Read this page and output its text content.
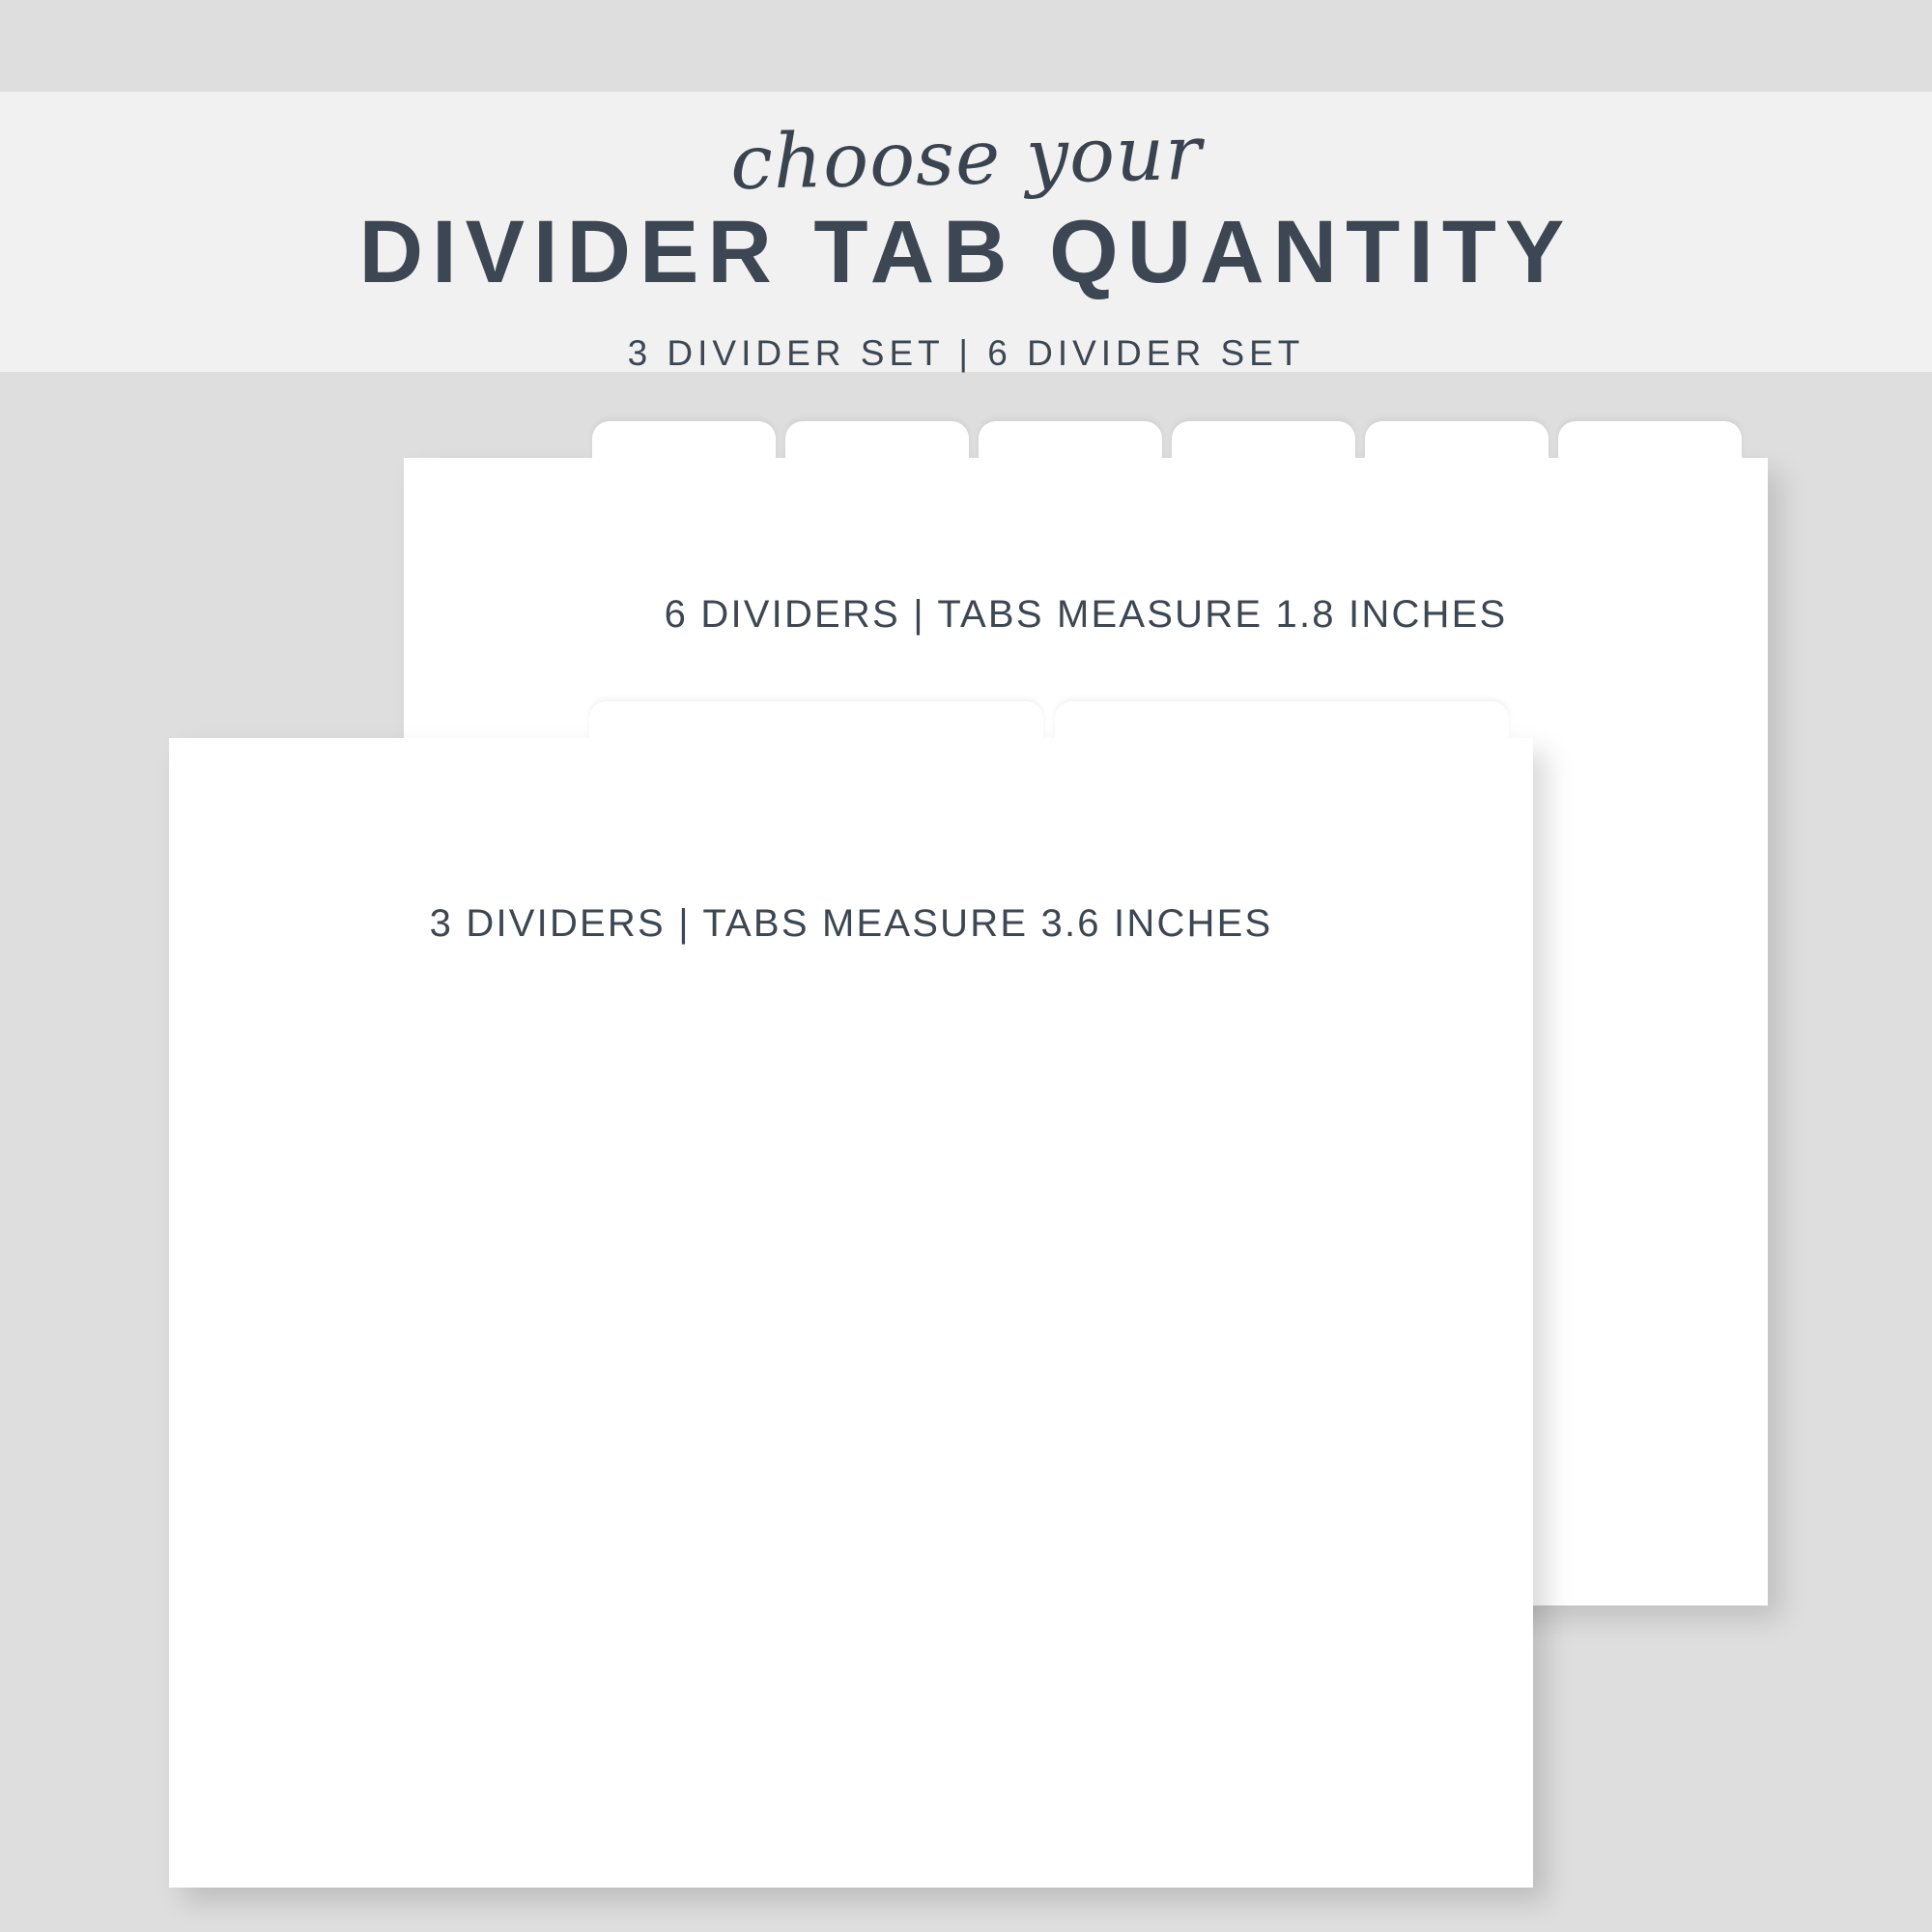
choose your
DIVIDER TAB QUANTITY
3 DIVIDER SET | 6 DIVIDER SET
6 DIVIDERS | TABS MEASURE 1.8 INCHES
3 DIVIDERS | TABS MEASURE 3.6 INCHES
